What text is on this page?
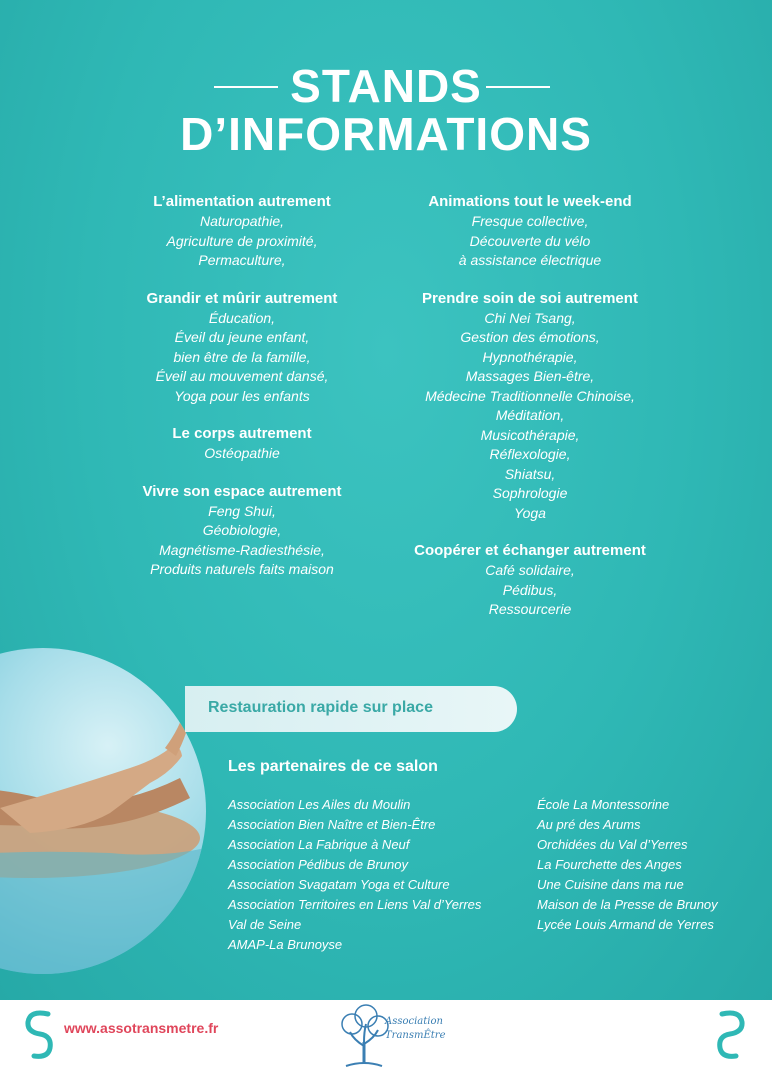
STANDS
D’INFORMATIONS

L’alimentation autrement

Naturopathie,
Agriculture de proximité,
Permaculture,

Grandir et mûrir autrement

Éducation,
Éveil du jeune enfant,
bien être de la famille,
Éveil au mouvement dansé,
Yoga pour les enfants

Le corps autrement

Ostéopathie

Vivre son espace autrement

Feng Shui,
Géobiologie,
Magnétisme-Radiesthésie,
Produits naturels faits maison

Animations tout le week-end

Fresque collective,
Découverte du vélo
à assistance électrique

Prendre soin de soi autrement

Chi Nei Tsang,
Gestion des émotions,
Hypnothérapie,
Massages Bien-être,
Médecine Traditionnelle Chinoise,
Méditation,
Musicothérapie,
Réflexologie,
Shiatsu,
Sophrologie
Yoga

Coopérer et échanger autrement

Café solidaire,
Pédibus,
Ressourcerie

Restauration rapide sur place

Les partenaires de ce salon

Association Les Ailes du Moulin
Association Bien Naître et Bien-Être
Association La Fabrique à Neuf
Association Pédibus de Brunoy
Association Svagatam Yoga et Culture
Association Territoires en Liens Val d’Yerres
Val de Seine
AMAP-La Brunoyse
École La Montessorine
Au pré des Arums
Orchidées du Val d’Yerres
La Fourchette des Anges
Une Cuisine dans ma rue
Maison de la Presse de Brunoy
Lycée Louis Armand de Yerres
www.assotransmetre.fr	Association
TransmÊtre
